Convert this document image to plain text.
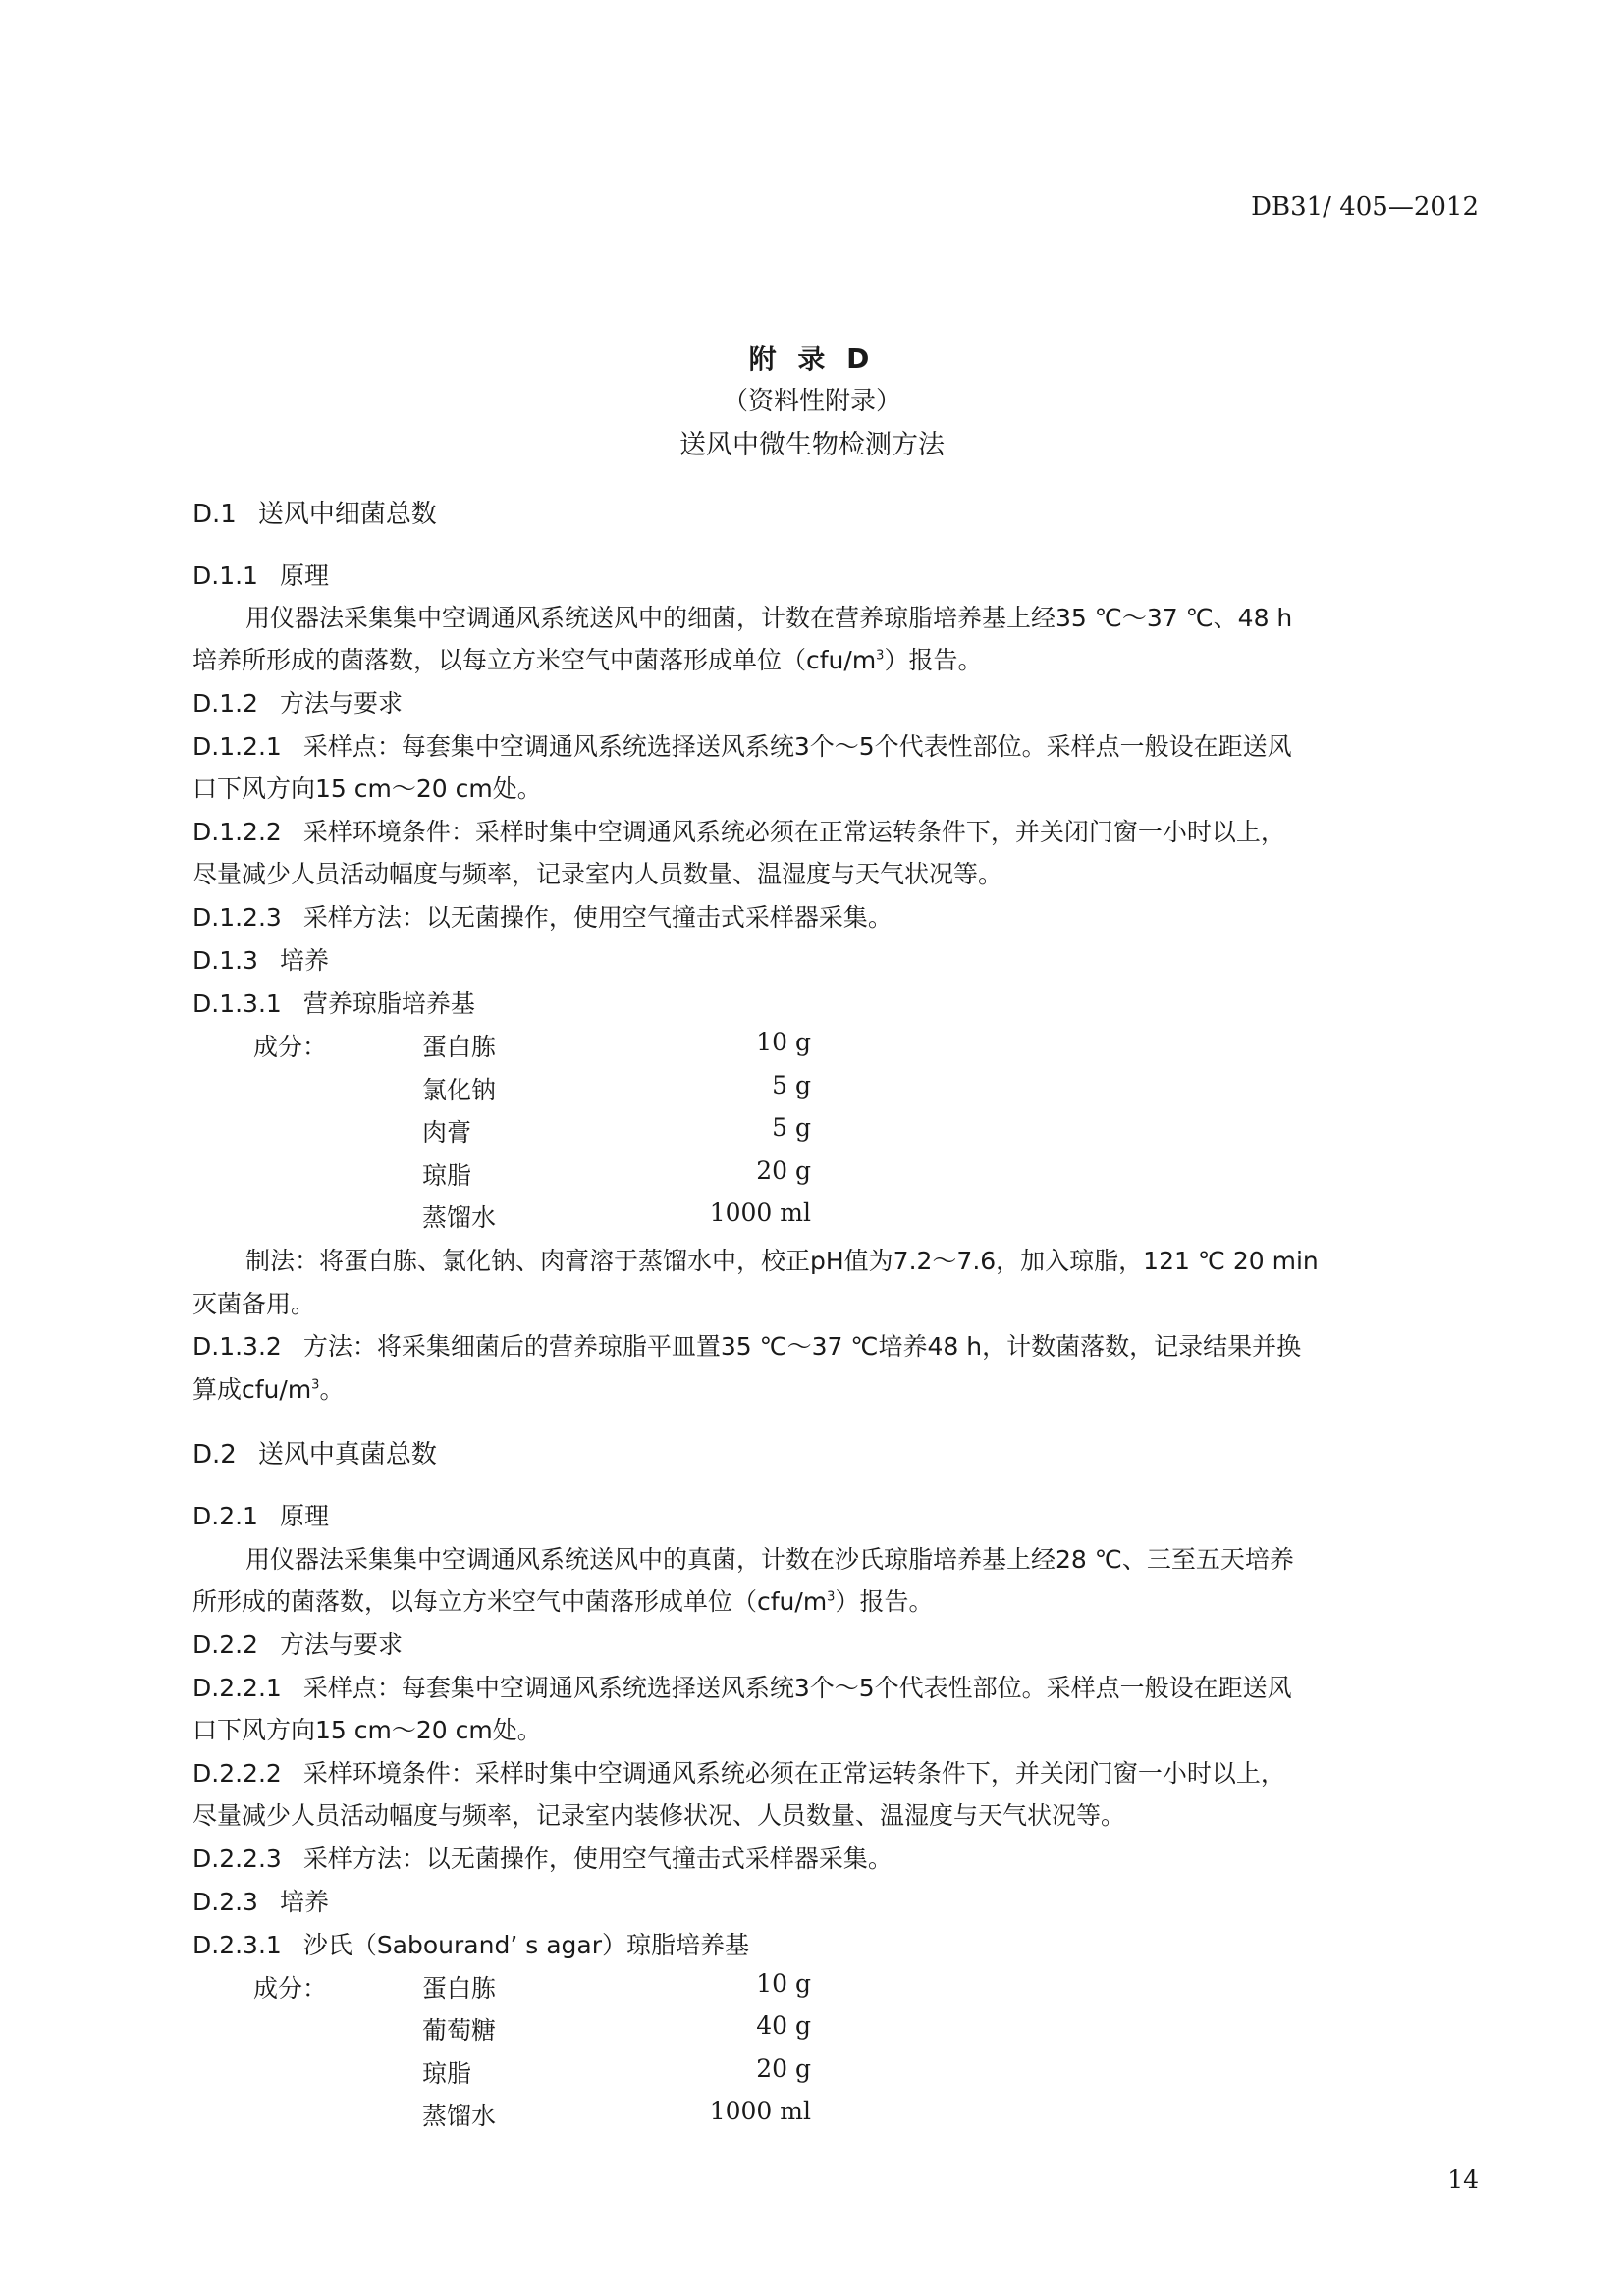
DB31/ 405—2012
附 录 D
（资料性附录）
送风中微生物检测方法
D.1 送风中细菌总数
D.1.1 原理
用仪器法采集集中空调通风系统送风中的细菌，计数在营养琼脂培养基上经35 ℃～37 ℃、48 h
培养所形成的菌落数，以每立方米空气中菌落形成单位$(cfu/m^3)$报告。
D.1.2 方法与要求
D.1.2.1 采样点：每套集中空调通风系统选择送风系统3个～5个代表性部位。采样点一般设在距送风
口下风方向15 cm～20 cm处。
D.1.2.2 采样环境条件：采样时集中空调通风系统必须在正常运转条件下，并关闭门窗一小时以上，
尽量减少人员活动幅度与频率，记录室内人员数量、温湿度与天气状况等。
D.1.2.3 采样方法：以无菌操作，使用空气撞击式采样器采集。
D.1.3 培养
D.1.3.1 营养琼脂培养基
成分：	蛋白胨	10 g
氯化钠	5 g
肉膏	5 g
琼脂	20 g
蒸馏水	1000 ml
制法：将蛋白胨、氯化钠、肉膏溶于蒸馏水中，校正pH值为7.2～7.6，加入琼脂，121 ℃ 20 min
灭菌备用。
D.1.3.2 方法：将采集细菌后的营养琼脂平皿置35 ℃～37 ℃培养48 h，计数菌落数，记录结果并换
算成cfu/$m^3$。
D.2 送风中真菌总数
D.2.1 原理
用仪器法采集集中空调通风系统送风中的真菌，计数在沙氏琼脂培养基上经28 ℃、三至五天培养
所形成的菌落数，以每立方米空气中菌落形成单位$(cfu/m^3)$报告。
D.2.2 方法与要求
D.2.2.1 采样点：每套集中空调通风系统选择送风系统3个～5个代表性部位。采样点一般设在距送风
口下风方向15 cm～20 cm处。
D.2.2.2 采样环境条件：采样时集中空调通风系统必须在正常运转条件下，并关闭门窗一小时以上，
尽量减少人员活动幅度与频率，记录室内装修状况、人员数量、温湿度与天气状况等。
D.2.2.3 采样方法：以无菌操作，使用空气撞击式采样器采集。
D.2.3 培养
D.2.3.1 沙氏（Sabourand’ s agar）琼脂培养基
成分：	蛋白胨	10 g
葡萄糖	40 g
琼脂	20 g
蒸馏水	1000 ml
14
